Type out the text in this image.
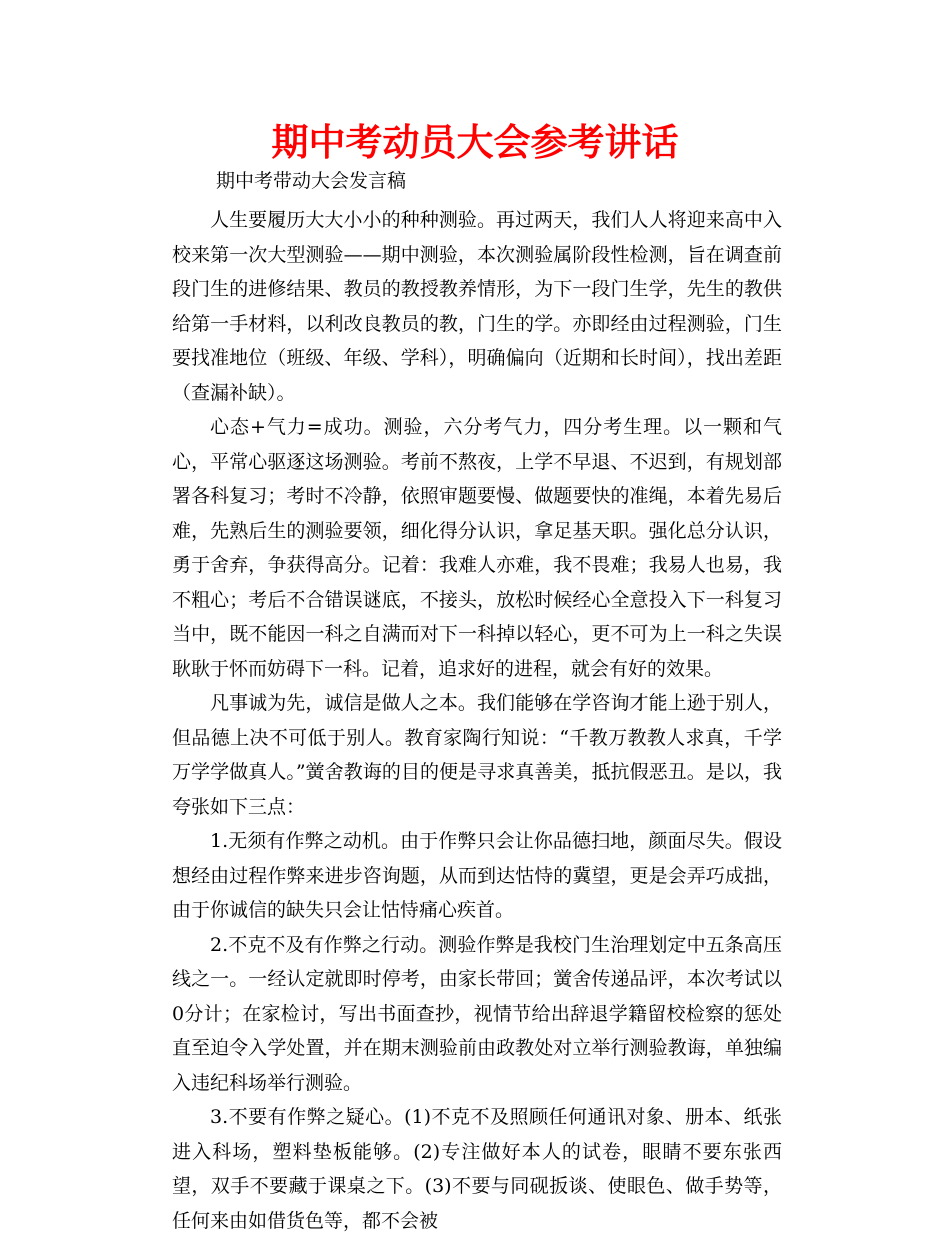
期中考动员大会参考讲话
期中考带动大会发言稿

人生要履历大大小小的种种测验。再过两天，我们人人将迎来高中入校来第一次大型测验——期中测验，本次测验属阶段性检测，旨在调查前段门生的进修结果、教员的教授教养情形，为下一段门生学，先生的教供给第一手材料，以利改良教员的教，门生的学。亦即经由过程测验，门生要找准地位（班级、年级、学科），明确偏向（近期和长时间），找出差距（查漏补缺）。

心态+气力=成功。测验，六分考气力，四分考生理。以一颗和气心，平常心驱逐这场测验。考前不熬夜，上学不早退、不迟到，有规划部署各科复习；考时不冷静，依照审题要慢、做题要快的准绳，本着先易后难，先熟后生的测验要领，细化得分认识，拿足基天职。强化总分认识，勇于舍弃，争获得高分。记着：我难人亦难，我不畏难；我易人也易，我不粗心；考后不合错误谜底，不接头，放松时候经心全意投入下一科复习当中，既不能因一科之自满而对下一科掉以轻心，更不可为上一科之失误耿耿于怀而妨碍下一科。记着，追求好的进程，就会有好的效果。

凡事诚为先，诚信是做人之本。我们能够在学咨询才能上逊于别人，但品德上决不可低于别人。教育家陶行知说：“千教万教教人求真，千学万学学做真人。”黉舍教诲的目的便是寻求真善美，抵抗假恶丑。是以，我夸张如下三点：

1.无须有作弊之动机。由于作弊只会让你品德扫地，颜面尽失。假设想经由过程作弊来进步咨询题，从而到达怙恃的冀望，更是会弄巧成拙，由于你诚信的缺失只会让怙恃痛心疾首。

2.不克不及有作弊之行动。测验作弊是我校门生治理划定中五条高压线之一。一经认定就即时停考，由家长带回；黉舍传递品评，本次考试以0分计；在家检讨，写出书面查抄，视情节给出辞退学籍留校检察的惩处直至迫令入学处置，并在期末测验前由政教处对立举行测验教诲，单独编入违纪科场举行测验。

3.不要有作弊之疑心。(1)不克不及照顾任何通讯对象、册本、纸张进入科场，塑料垫板能够。(2)专注做好本人的试卷，眼睛不要东张西望，双手不要藏于课桌之下。(3)不要与同砚扳谈、使眼色、做手势等，任何来由如借货色等，都不会被
